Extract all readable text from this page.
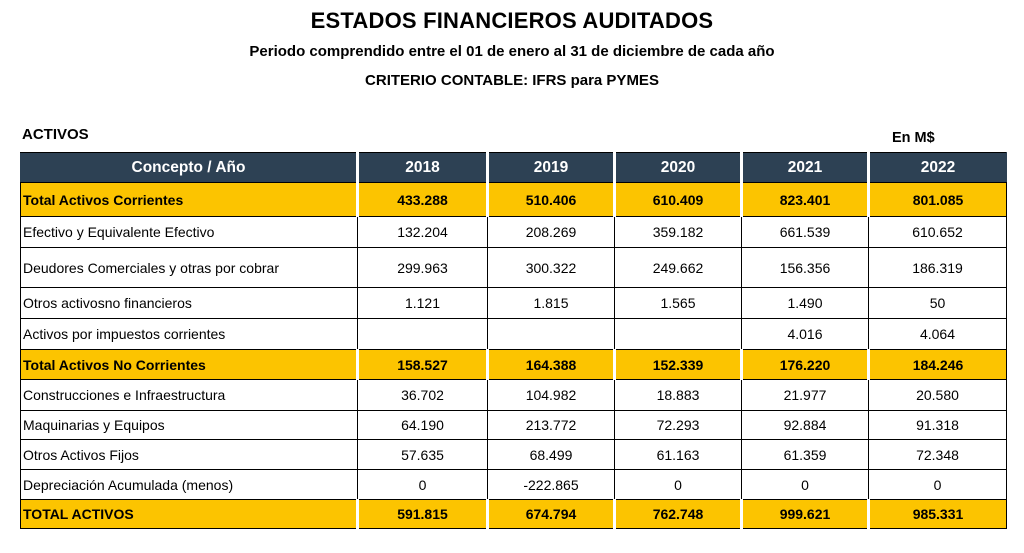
ESTADOS FINANCIEROS AUDITADOS
Periodo comprendido entre el 01 de enero al 31 de diciembre de cada año
CRITERIO CONTABLE: IFRS para PYMES
ACTIVOS	En M$
Concepto / Año	2018	2019	2020	2021	2022
Total Activos Corrientes	433.288	510.406	610.409	823.401	801.085
Efectivo y Equivalente Efectivo	132.204	208.269	359.182	661.539	610.652
Deudores Comerciales y otras por cobrar	299.963	300.322	249.662	156.356	186.319
Otros activosno financieros	1.121	1.815	1.565	1.490	50
Activos por impuestos corrientes				4.016	4.064
Total Activos No Corrientes	158.527	164.388	152.339	176.220	184.246
Construcciones e Infraestructura	36.702	104.982	18.883	21.977	20.580
Maquinarias y Equipos	64.190	213.772	72.293	92.884	91.318
Otros Activos Fijos	57.635	68.499	61.163	61.359	72.348
Depreciación Acumulada (menos)	0	-222.865	0	0	0
TOTAL ACTIVOS	591.815	674.794	762.748	999.621	985.331
